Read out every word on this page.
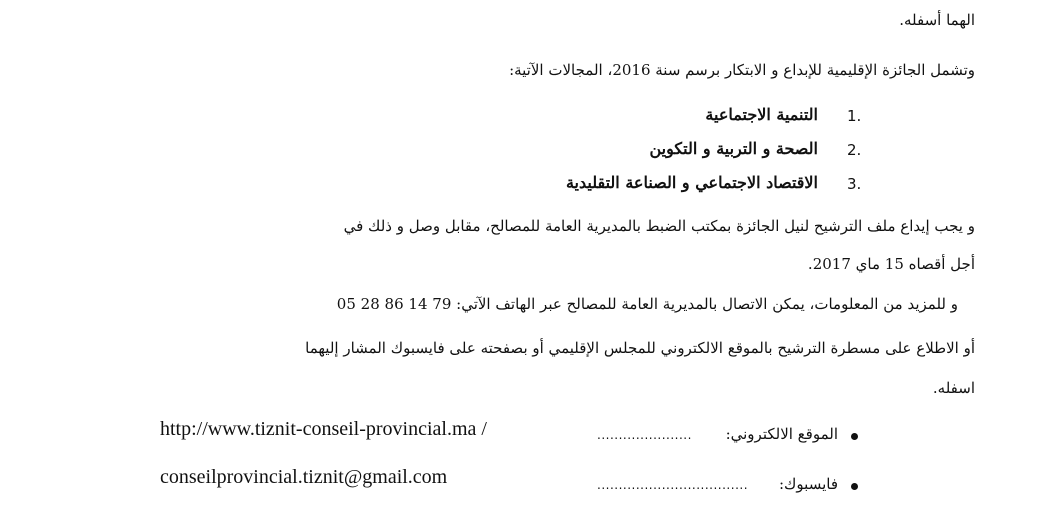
الهما أسفله.
وتشمل الجائزة الإقليمية للإبداع و الابتكار برسم سنة 2016، المجالات الآتية:
1.
التنمية الاجتماعية
2.
الصحة و التربية و التكوين
3.
الاقتصاد الاجتماعي و الصناعة التقليدية
و يجب إيداع ملف الترشيح لنيل الجائزة بمكتب الضبط بالمديرية العامة للمصالح، مقابل وصل و ذلك في
أجل أقصاه 15 ماي 2017.
و للمزيد من المعلومات، يمكن الاتصال بالمديرية العامة للمصالح عبر الهاتف الآتي: 79 14 86 28 05
أو الاطلاع على مسطرة الترشيح بالموقع الالكتروني للمجلس الإقليمي أو بصفحته على فايسبوك المشار إليهما
اسفله.
الموقع الالكتروني:
......................
http://www.tiznit-conseil-provincial.ma /
فايسبوك:
...................................
conseilprovincial.tiznit@gmail.com
